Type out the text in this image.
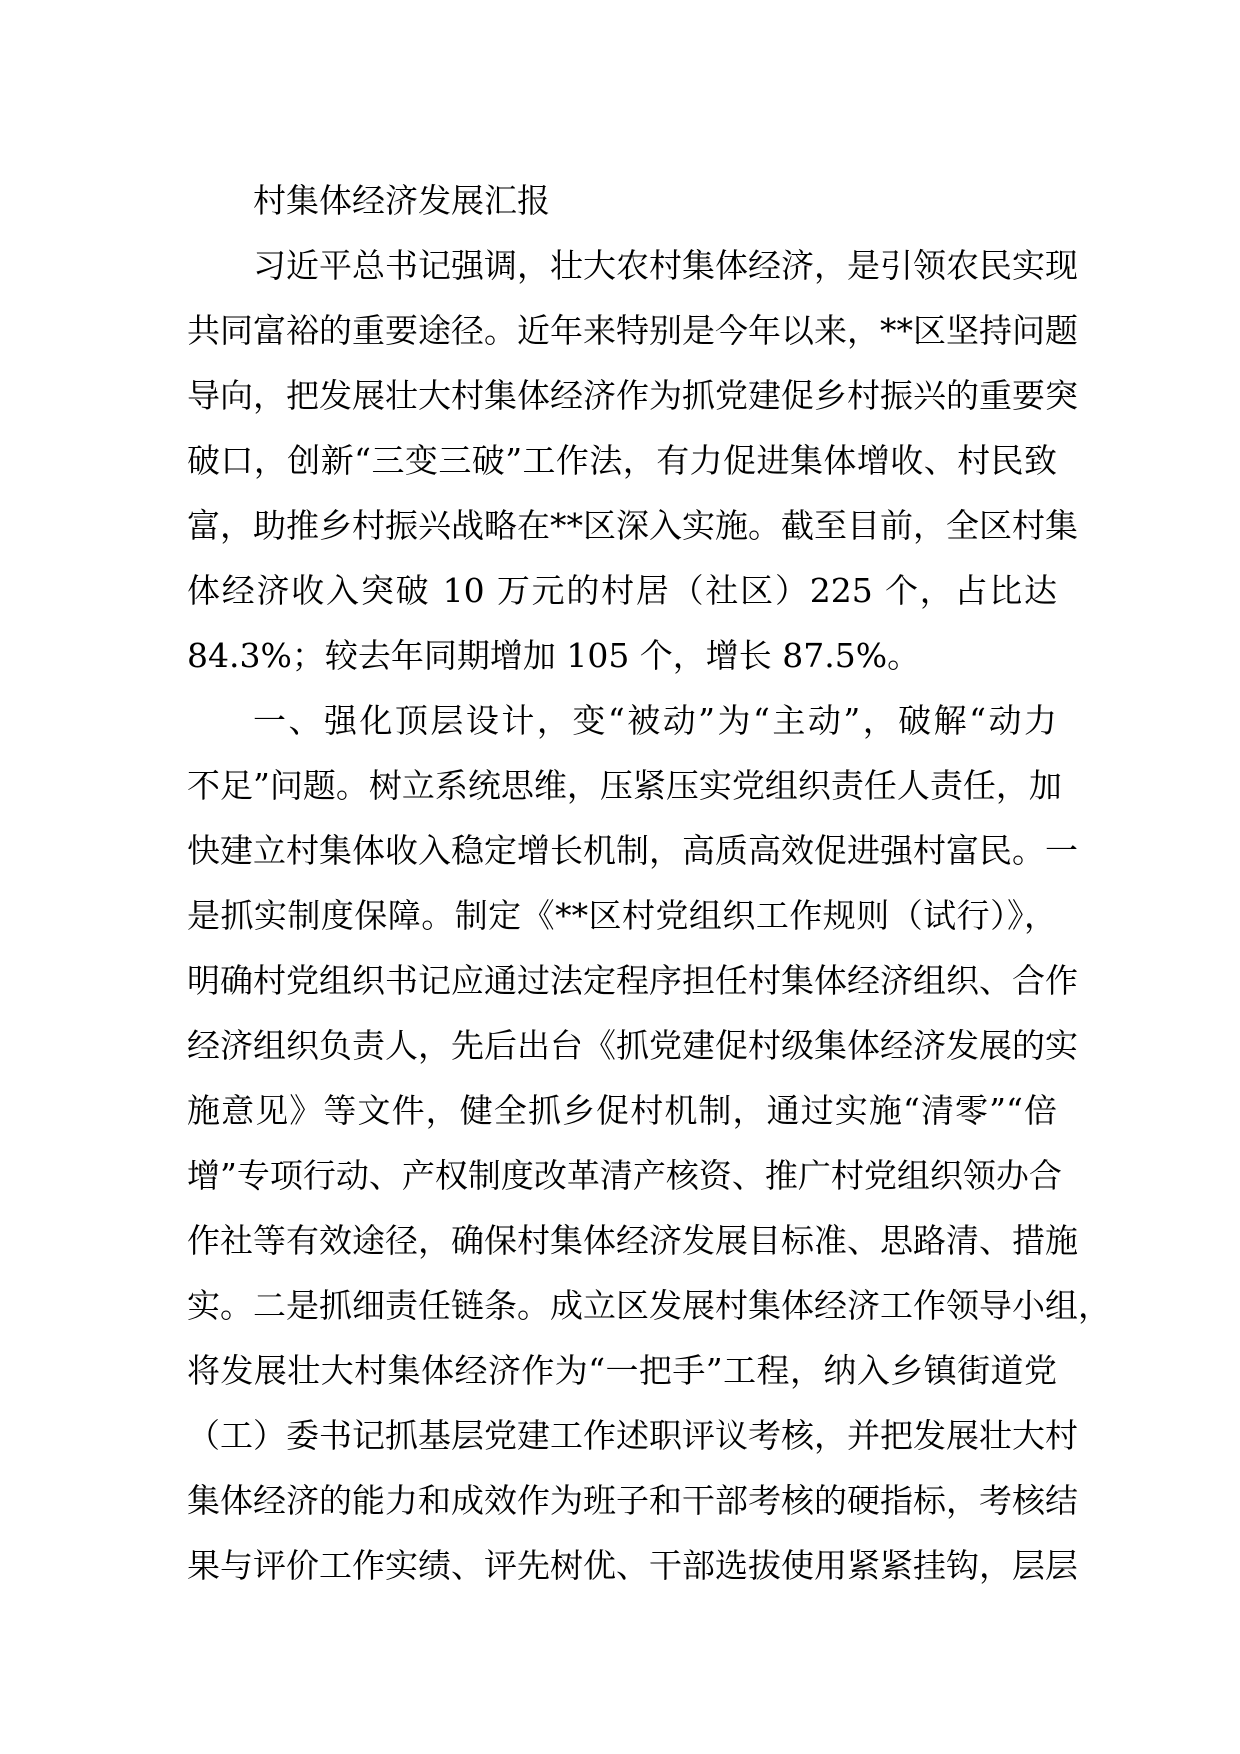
村集体经济发展汇报
习近平总书记强调，壮大农村集体经济，是引领农民实现
共同富裕的重要途径。近年来特别是今年以来，**区坚持问题
导向，把发展壮大村集体经济作为抓党建促乡村振兴的重要突
破口，创新“三变三破”工作法，有力促进集体增收、村民致
富，助推乡村振兴战略在**区深入实施。截至目前，全区村集
体经济收入突破 10 万元的村居（社区）225 个，占比达
84.3%；较去年同期增加 105 个，增长 87.5%。
一、强化顶层设计，变“被动”为“主动”，破解“动力
不足”问题。树立系统思维，压紧压实党组织责任人责任，加
快建立村集体收入稳定增长机制，高质高效促进强村富民。一
是抓实制度保障。制定《**区村党组织工作规则（试行）》，
明确村党组织书记应通过法定程序担任村集体经济组织、合作
经济组织负责人，先后出台《抓党建促村级集体经济发展的实
施意见》等文件，健全抓乡促村机制，通过实施“清零”“倍
增”专项行动、产权制度改革清产核资、推广村党组织领办合
作社等有效途径，确保村集体经济发展目标准、思路清、措施
实。二是抓细责任链条。成立区发展村集体经济工作领导小组，
将发展壮大村集体经济作为“一把手”工程，纳入乡镇街道党
（工）委书记抓基层党建工作述职评议考核，并把发展壮大村
集体经济的能力和成效作为班子和干部考核的硬指标，考核结
果与评价工作实绩、评先树优、干部选拔使用紧紧挂钩，层层
